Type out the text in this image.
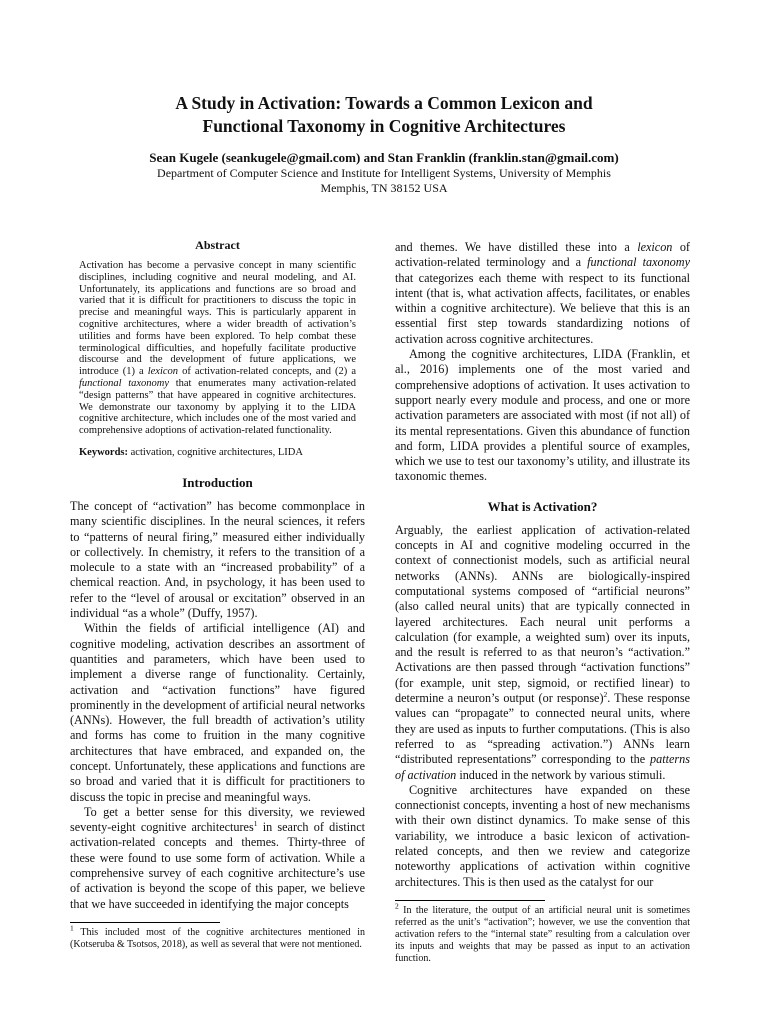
A Study in Activation: Towards a Common Lexicon and
Functional Taxonomy in Cognitive Architectures
Sean Kugele (seankugele@gmail.com) and Stan Franklin (franklin.stan@gmail.com)
Department of Computer Science and Institute for Intelligent Systems, University of Memphis
Memphis, TN 38152 USA
Abstract
Activation has become a pervasive concept in many scientific disciplines, including cognitive and neural modeling, and AI. Unfortunately, its applications and functions are so broad and varied that it is difficult for practitioners to discuss the topic in precise and meaningful ways. This is particularly apparent in cognitive architectures, where a wider breadth of activation’s utilities and forms have been explored. To help combat these terminological difficulties, and hopefully facilitate productive discourse and the development of future applications, we introduce (1) a lexicon of activation-related concepts, and (2) a functional taxonomy that enumerates many activation-related “design patterns” that have appeared in cognitive architectures. We demonstrate our taxonomy by applying it to the LIDA cognitive architecture, which includes one of the most varied and comprehensive adoptions of activation-related functionality.
Keywords: activation, cognitive architectures, LIDA
Introduction

The concept of “activation” has become commonplace in many scientific disciplines. In the neural sciences, it refers to “patterns of neural firing,” measured either individually or collectively. In chemistry, it refers to the transition of a molecule to a state with an “increased probability” of a chemical reaction. And, in psychology, it has been used to refer to the “level of arousal or excitation” observed in an individual “as a whole” (Duffy, 1957).

Within the fields of artificial intelligence (AI) and cognitive modeling, activation describes an assortment of quantities and parameters, which have been used to implement a diverse range of functionality. Certainly, activation and “activation functions” have figured prominently in the development of artificial neural networks (ANNs). However, the full breadth of activation’s utility and forms has come to fruition in the many cognitive architectures that have embraced, and expanded on, the concept. Unfortunately, these applications and functions are so broad and varied that it is difficult for practitioners to discuss the topic in precise and meaningful ways.

To get a better sense for this diversity, we reviewed seventy-eight cognitive architectures$^1$ in search of distinct activation-related concepts and themes. Thirty-three of these were found to use some form of activation. While a comprehensive survey of each cognitive architecture’s use of activation is beyond the scope of this paper, we believe that we have succeeded in identifying the major concepts

$^1$ This included most of the cognitive architectures mentioned in (Kotseruba & Tsotsos, 2018), as well as several that were not mentioned.

and themes. We have distilled these into a lexicon of activation-related terminology and a functional taxonomy that categorizes each theme with respect to its functional intent (that is, what activation affects, facilitates, or enables within a cognitive architecture). We believe that this is an essential first step towards standardizing notions of activation across cognitive architectures.

Among the cognitive architectures, LIDA (Franklin, et al., 2016) implements one of the most varied and comprehensive adoptions of activation. It uses activation to support nearly every module and process, and one or more activation parameters are associated with most (if not all) of its mental representations. Given this abundance of function and form, LIDA provides a plentiful source of examples, which we use to test our taxonomy’s utility, and illustrate its taxonomic themes.

What is Activation?

Arguably, the earliest application of activation-related concepts in AI and cognitive modeling occurred in the context of connectionist models, such as artificial neural networks (ANNs). ANNs are biologically-inspired computational systems composed of “artificial neurons” (also called neural units) that are typically connected in layered architectures. Each neural unit performs a calculation (for example, a weighted sum) over its inputs, and the result is referred to as that neuron’s “activation.” Activations are then passed through “activation functions” (for example, unit step, sigmoid, or rectified linear) to determine a neuron’s output (or response)$^2$. These response values can “propagate” to connected neural units, where they are used as inputs to further computations. (This is also referred to as “spreading activation.”) ANNs learn “distributed representations” corresponding to the patterns of activation induced in the network by various stimuli.

Cognitive architectures have expanded on these connectionist concepts, inventing a host of new mechanisms with their own distinct dynamics. To make sense of this variability, we introduce a basic lexicon of activation-related concepts, and then we review and categorize noteworthy applications of activation within cognitive architectures. This is then used as the catalyst for our

$^2$ In the literature, the output of an artificial neural unit is sometimes referred as the unit’s “activation”; however, we use the convention that activation refers to the “internal state” resulting from a calculation over its inputs and weights that may be passed as input to an activation function.
